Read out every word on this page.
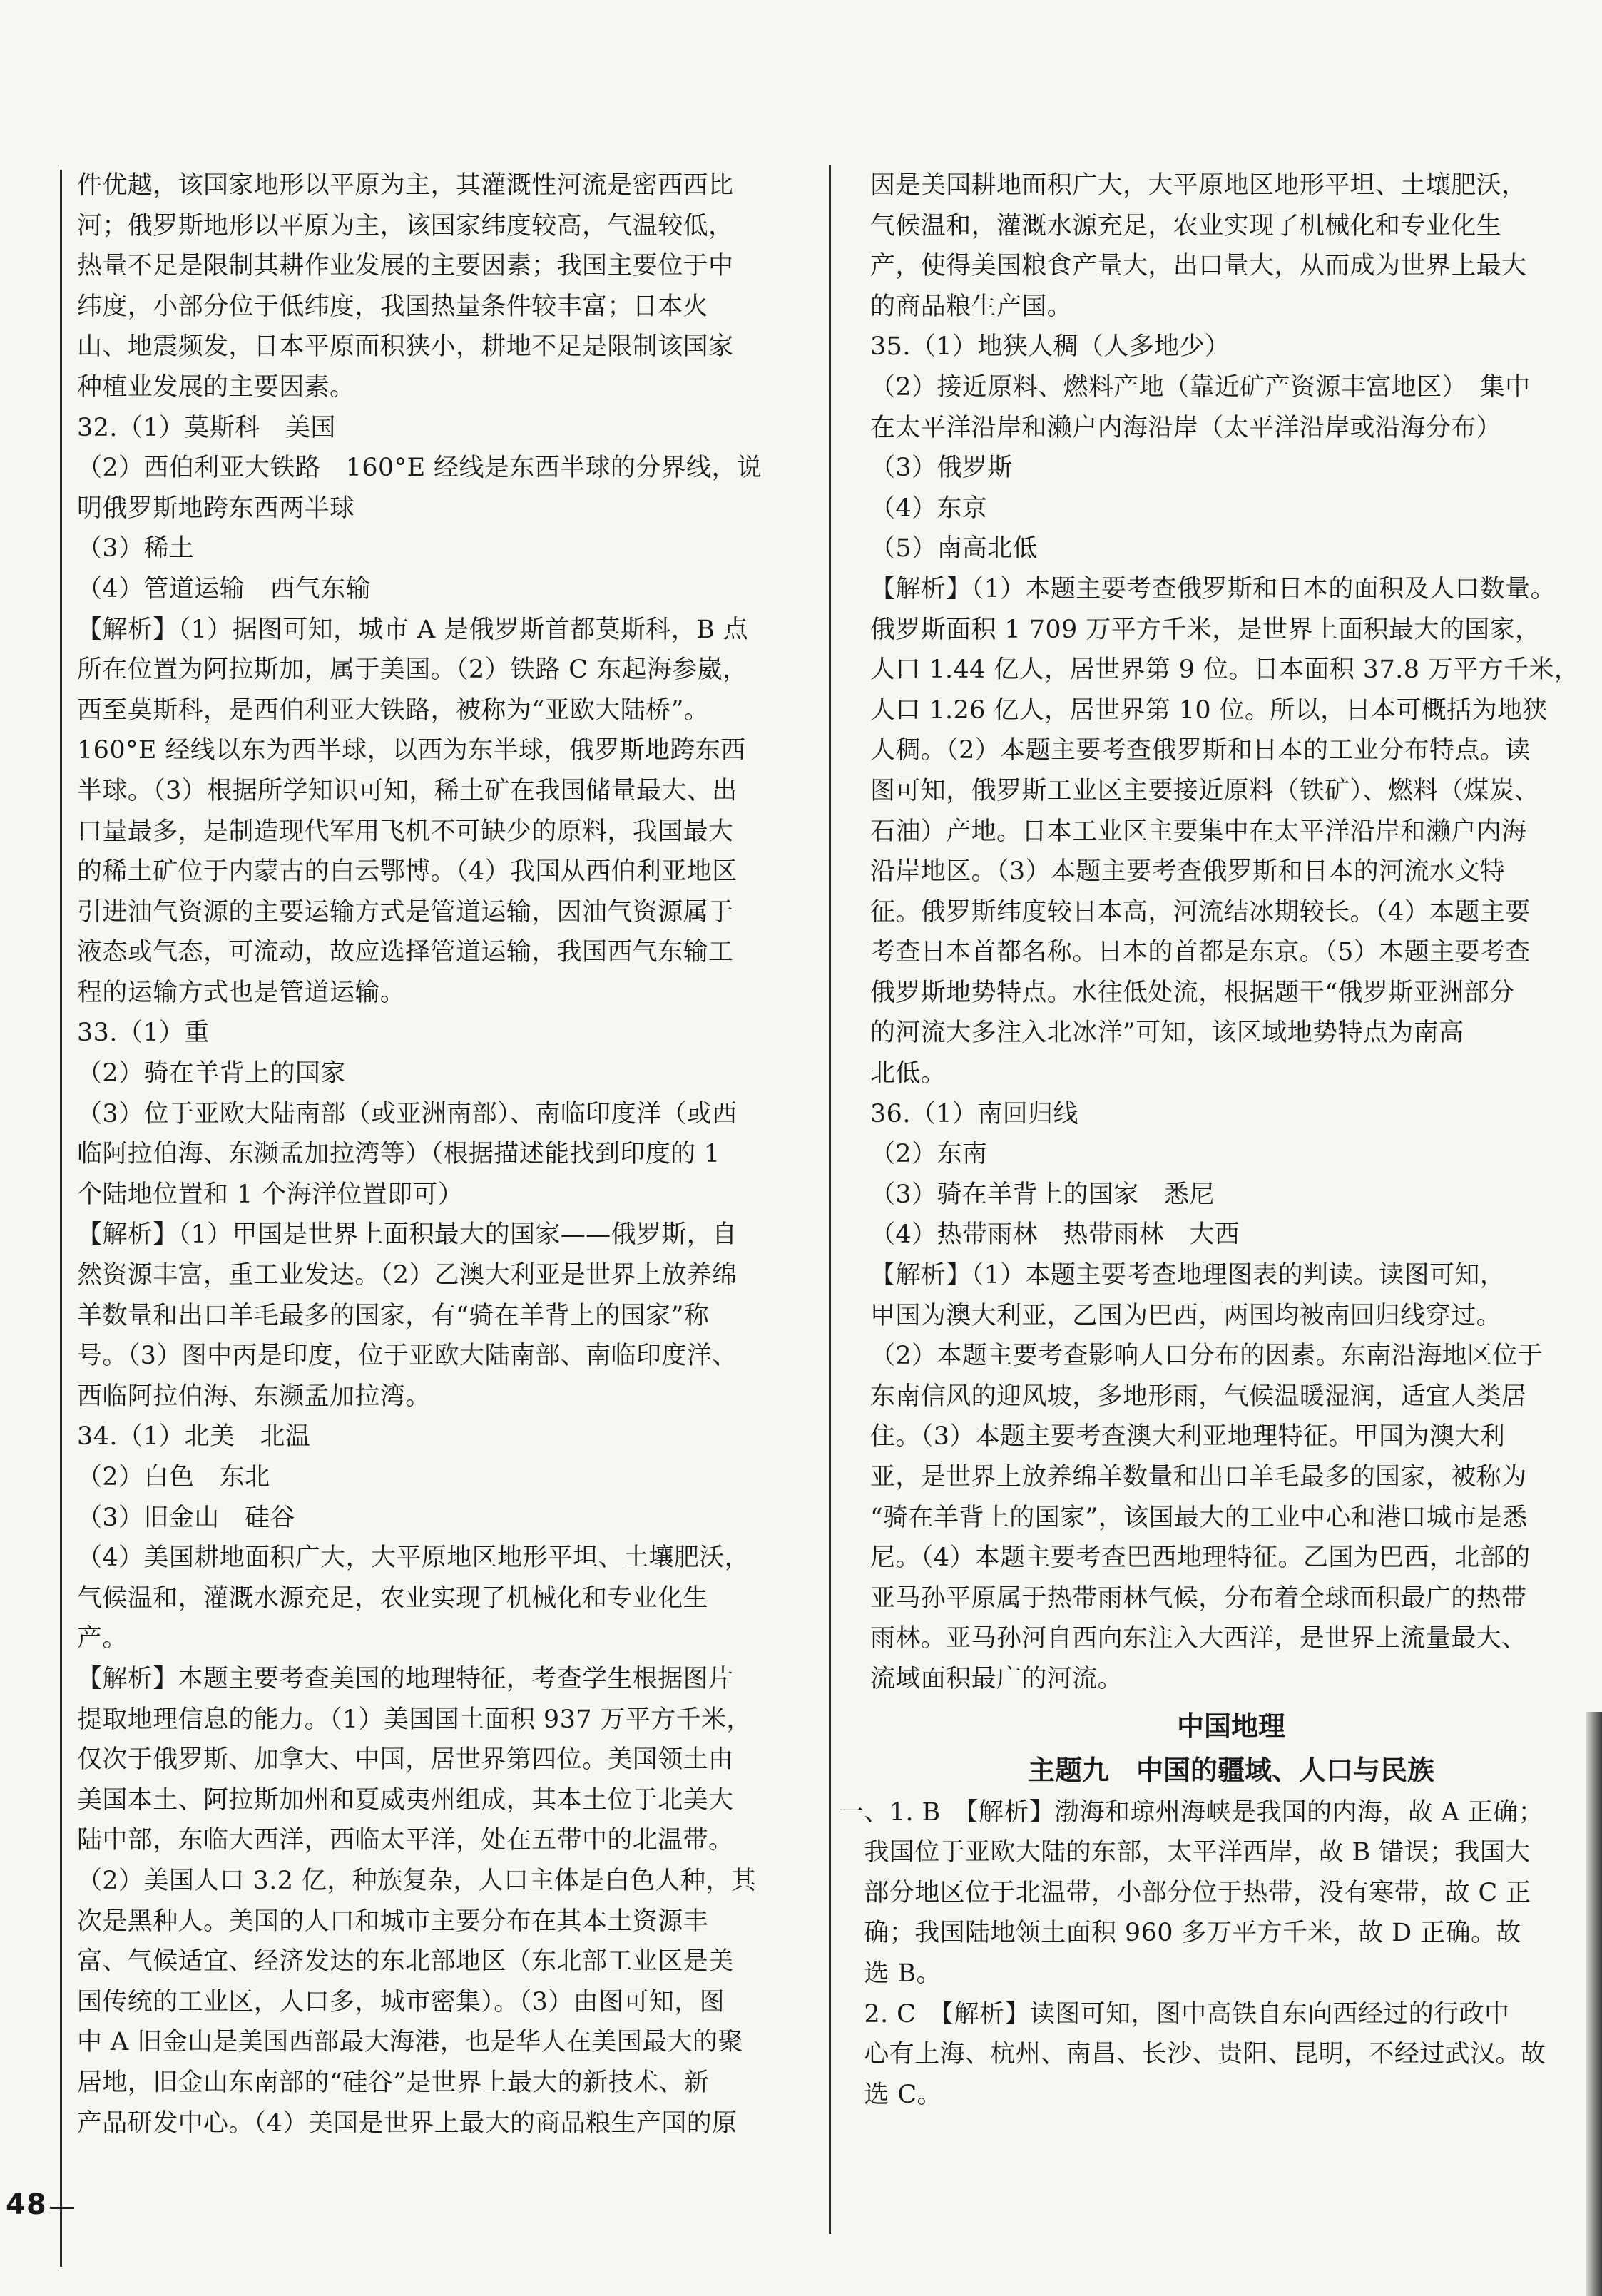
件优越，该国家地形以平原为主，其灌溉性河流是密西西比
河；俄罗斯地形以平原为主，该国家纬度较高，气温较低，
热量不足是限制其耕作业发展的主要因素；我国主要位于中
纬度，小部分位于低纬度，我国热量条件较丰富；日本火
山、地震频发，日本平原面积狭小，耕地不足是限制该国家
种植业发展的主要因素。
32.（1）莫斯科　美国
（2）西伯利亚大铁路　160°E 经线是东西半球的分界线，说
明俄罗斯地跨东西两半球
（3）稀土
（4）管道运输　西气东输
【解析】（1）据图可知，城市 A 是俄罗斯首都莫斯科，B 点
所在位置为阿拉斯加，属于美国。（2）铁路 C 东起海参崴，
西至莫斯科，是西伯利亚大铁路，被称为“亚欧大陆桥”。
160°E 经线以东为西半球，以西为东半球，俄罗斯地跨东西
半球。（3）根据所学知识可知，稀土矿在我国储量最大、出
口量最多，是制造现代军用飞机不可缺少的原料，我国最大
的稀土矿位于内蒙古的白云鄂博。（4）我国从西伯利亚地区
引进油气资源的主要运输方式是管道运输，因油气资源属于
液态或气态，可流动，故应选择管道运输，我国西气东输工
程的运输方式也是管道运输。
33.（1）重
（2）骑在羊背上的国家
（3）位于亚欧大陆南部（或亚洲南部）、南临印度洋（或西
临阿拉伯海、东濒孟加拉湾等）（根据描述能找到印度的 1
个陆地位置和 1 个海洋位置即可）
【解析】（1）甲国是世界上面积最大的国家——俄罗斯，自
然资源丰富，重工业发达。（2）乙澳大利亚是世界上放养绵
羊数量和出口羊毛最多的国家，有“骑在羊背上的国家”称
号。（3）图中丙是印度，位于亚欧大陆南部、南临印度洋、
西临阿拉伯海、东濒孟加拉湾。
34.（1）北美　北温
（2）白色　东北
（3）旧金山　硅谷
（4）美国耕地面积广大，大平原地区地形平坦、土壤肥沃，
气候温和，灌溉水源充足，农业实现了机械化和专业化生
产。
【解析】本题主要考查美国的地理特征，考查学生根据图片
提取地理信息的能力。（1）美国国土面积 937 万平方千米，
仅次于俄罗斯、加拿大、中国，居世界第四位。美国领土由
美国本土、阿拉斯加州和夏威夷州组成，其本土位于北美大
陆中部，东临大西洋，西临太平洋，处在五带中的北温带。
（2）美国人口 3.2 亿，种族复杂，人口主体是白色人种，其
次是黑种人。美国的人口和城市主要分布在其本土资源丰
富、气候适宜、经济发达的东北部地区（东北部工业区是美
国传统的工业区，人口多，城市密集）。（3）由图可知，图
中 A 旧金山是美国西部最大海港，也是华人在美国最大的聚
居地，旧金山东南部的“硅谷”是世界上最大的新技术、新
产品研发中心。（4）美国是世界上最大的商品粮生产国的原
因是美国耕地面积广大，大平原地区地形平坦、土壤肥沃，
气候温和，灌溉水源充足，农业实现了机械化和专业化生
产，使得美国粮食产量大，出口量大，从而成为世界上最大
的商品粮生产国。
35.（1）地狭人稠（人多地少）
（2）接近原料、燃料产地（靠近矿产资源丰富地区）　集中
在太平洋沿岸和濑户内海沿岸（太平洋沿岸或沿海分布）
（3）俄罗斯
（4）东京
（5）南高北低
【解析】（1）本题主要考查俄罗斯和日本的面积及人口数量。
俄罗斯面积 1 709 万平方千米，是世界上面积最大的国家，
人口 1.44 亿人，居世界第 9 位。日本面积 37.8 万平方千米，
人口 1.26 亿人，居世界第 10 位。所以，日本可概括为地狭
人稠。（2）本题主要考查俄罗斯和日本的工业分布特点。读
图可知，俄罗斯工业区主要接近原料（铁矿）、燃料（煤炭、
石油）产地。日本工业区主要集中在太平洋沿岸和濑户内海
沿岸地区。（3）本题主要考查俄罗斯和日本的河流水文特
征。俄罗斯纬度较日本高，河流结冰期较长。（4）本题主要
考查日本首都名称。日本的首都是东京。（5）本题主要考查
俄罗斯地势特点。水往低处流，根据题干“俄罗斯亚洲部分
的河流大多注入北冰洋”可知，该区域地势特点为南高
北低。
36.（1）南回归线
（2）东南
（3）骑在羊背上的国家　悉尼
（4）热带雨林　热带雨林　大西
【解析】（1）本题主要考查地理图表的判读。读图可知，
甲国为澳大利亚，乙国为巴西，两国均被南回归线穿过。
（2）本题主要考查影响人口分布的因素。东南沿海地区位于
东南信风的迎风坡，多地形雨，气候温暖湿润，适宜人类居
住。（3）本题主要考查澳大利亚地理特征。甲国为澳大利
亚，是世界上放养绵羊数量和出口羊毛最多的国家，被称为
“骑在羊背上的国家”，该国最大的工业中心和港口城市是悉
尼。（4）本题主要考查巴西地理特征。乙国为巴西，北部的
亚马孙平原属于热带雨林气候，分布着全球面积最广的热带
雨林。亚马孙河自西向东注入大西洋，是世界上流量最大、
流域面积最广的河流。
中国地理
主题九　中国的疆域、人口与民族
一、1. B　【解析】渤海和琼州海峡是我国的内海，故 A 正确；
　我国位于亚欧大陆的东部，太平洋西岸，故 B 错误；我国大
　部分地区位于北温带，小部分位于热带，没有寒带，故 C 正
　确；我国陆地领土面积 960 多万平方千米，故 D 正确。故
　选 B。
　2. C　【解析】读图可知，图中高铁自东向西经过的行政中
　心有上海、杭州、南昌、长沙、贵阳、昆明，不经过武汉。故
　选 C。
48
